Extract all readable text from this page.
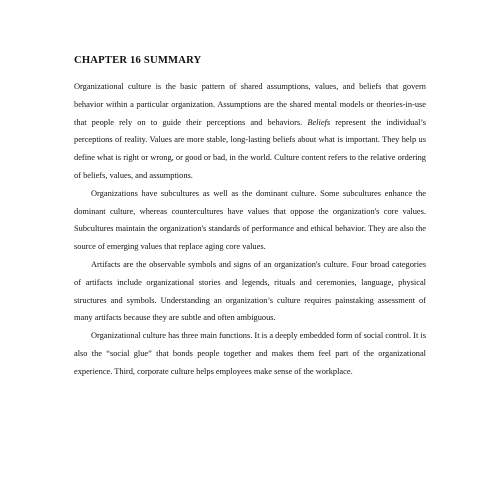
CHAPTER 16 SUMMARY

Organizational culture is the basic pattern of shared assumptions, values, and beliefs that govern behavior within a particular organization. Assumptions are the shared mental models or theories-in-use that people rely on to guide their perceptions and behaviors. Beliefs represent the individual’s perceptions of reality. Values are more stable, long-lasting beliefs about what is important. They help us define what is right or wrong, or good or bad, in the world. Culture content refers to the relative ordering of beliefs, values, and assumptions.

Organizations have subcultures as well as the dominant culture. Some subcultures enhance the dominant culture, whereas countercultures have values that oppose the organization's core values. Subcultures maintain the organization's standards of performance and ethical behavior. They are also the source of emerging values that replace aging core values.

Artifacts are the observable symbols and signs of an organization's culture. Four broad categories of artifacts include organizational stories and legends, rituals and ceremonies, language, physical structures and symbols. Understanding an organization’s culture requires painstaking assessment of many artifacts because they are subtle and often ambiguous.

Organizational culture has three main functions. It is a deeply embedded form of social control. It is also the “social glue” that bonds people together and makes them feel part of the organizational experience. Third, corporate culture helps employees make sense of the workplace.
